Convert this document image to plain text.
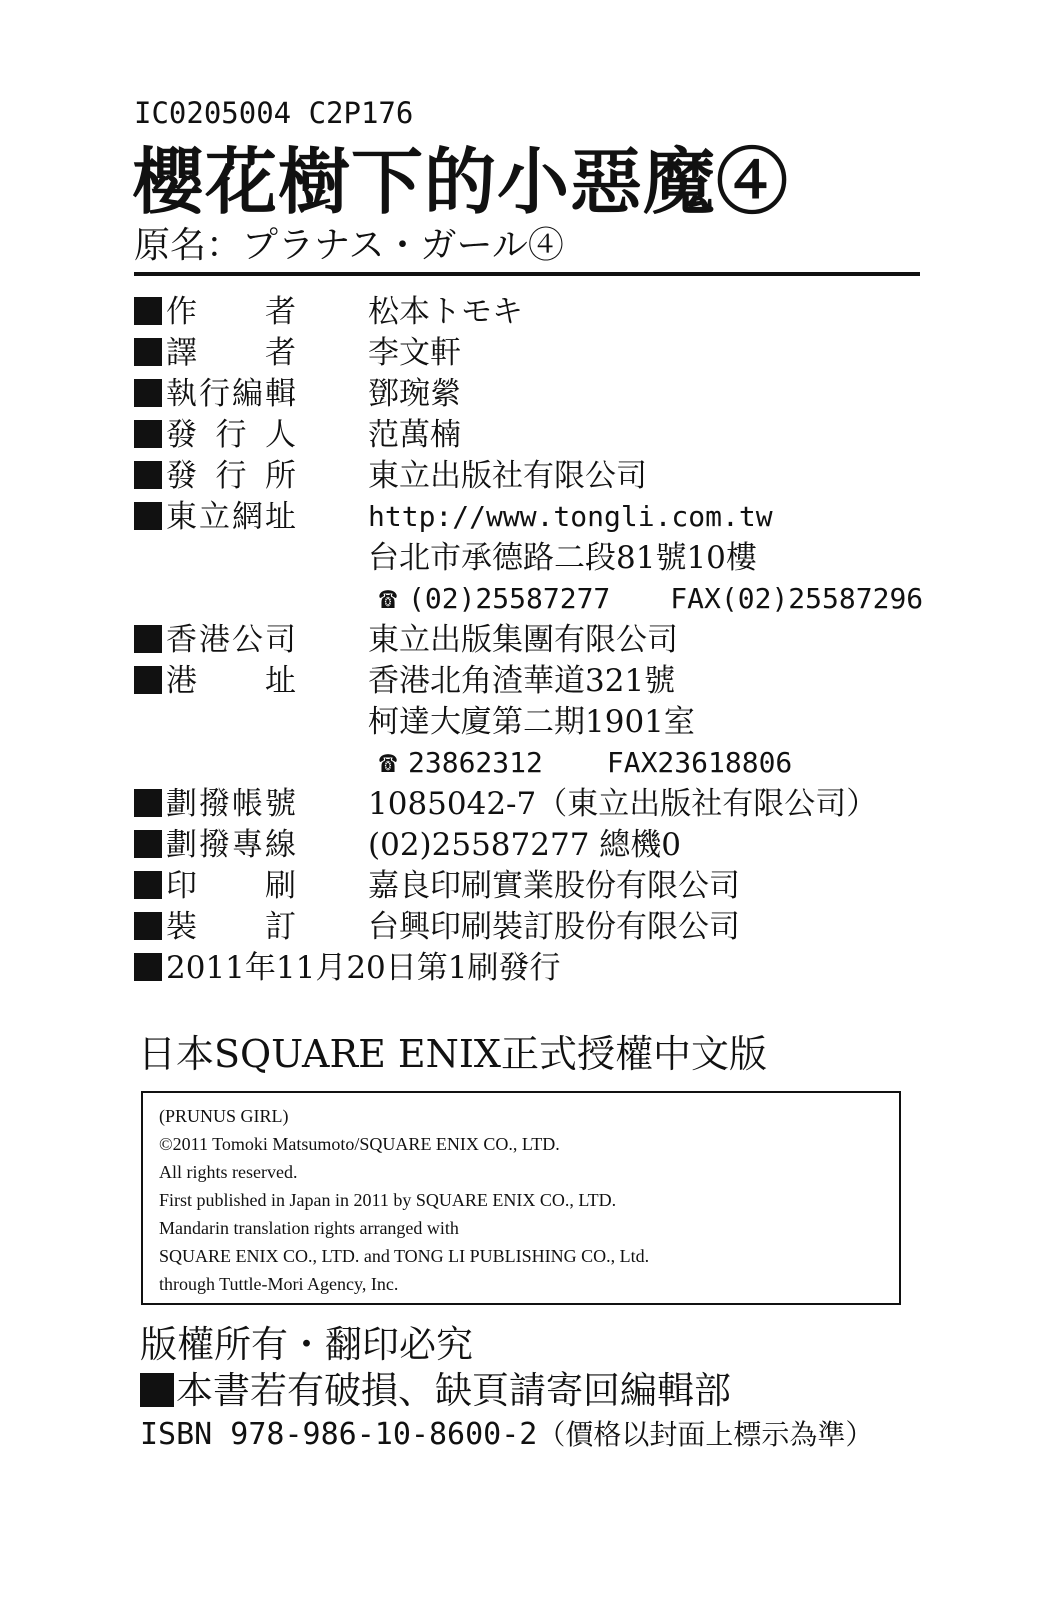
IC0205004 C2P176
櫻花樹下的小惡魔④
原名：プラナス・ガール④
作者 松本トモキ
譯者 李文軒
執行編輯 鄧琬縈
發行人 范萬楠
發行所 東立出版社有限公司
東立網址	http://www.tongli.com.tw
台北市承德路二段81號10樓
☎ (02)25587277 FAX(02)25587296
香港公司 東立出版集團有限公司
港址 香港北角渣華道321號
柯達大廈第二期1901室
☎ 23862312 FAX23618806
劃撥帳號 1085042-7（東立出版社有限公司）
劃撥專線 (02)25587277 總機0
印刷 嘉良印刷實業股份有限公司
裝訂 台興印刷裝訂股份有限公司
2011年11月20日第1刷發行
日本SQUARE ENIX正式授權中文版
(PRUNUS GIRL)
©2011 Tomoki Matsumoto/SQUARE ENIX CO., LTD.
All rights reserved.
First published in Japan in 2011 by SQUARE ENIX CO., LTD.
Mandarin translation rights arranged with
SQUARE ENIX CO., LTD. and TONG LI PUBLISHING CO., Ltd.
through Tuttle-Mori Agency, Inc.
版權所有・翻印必究
本書若有破損、缺頁請寄回編輯部
ISBN 978-986-10-8600-2（價格以封面上標示為準）
